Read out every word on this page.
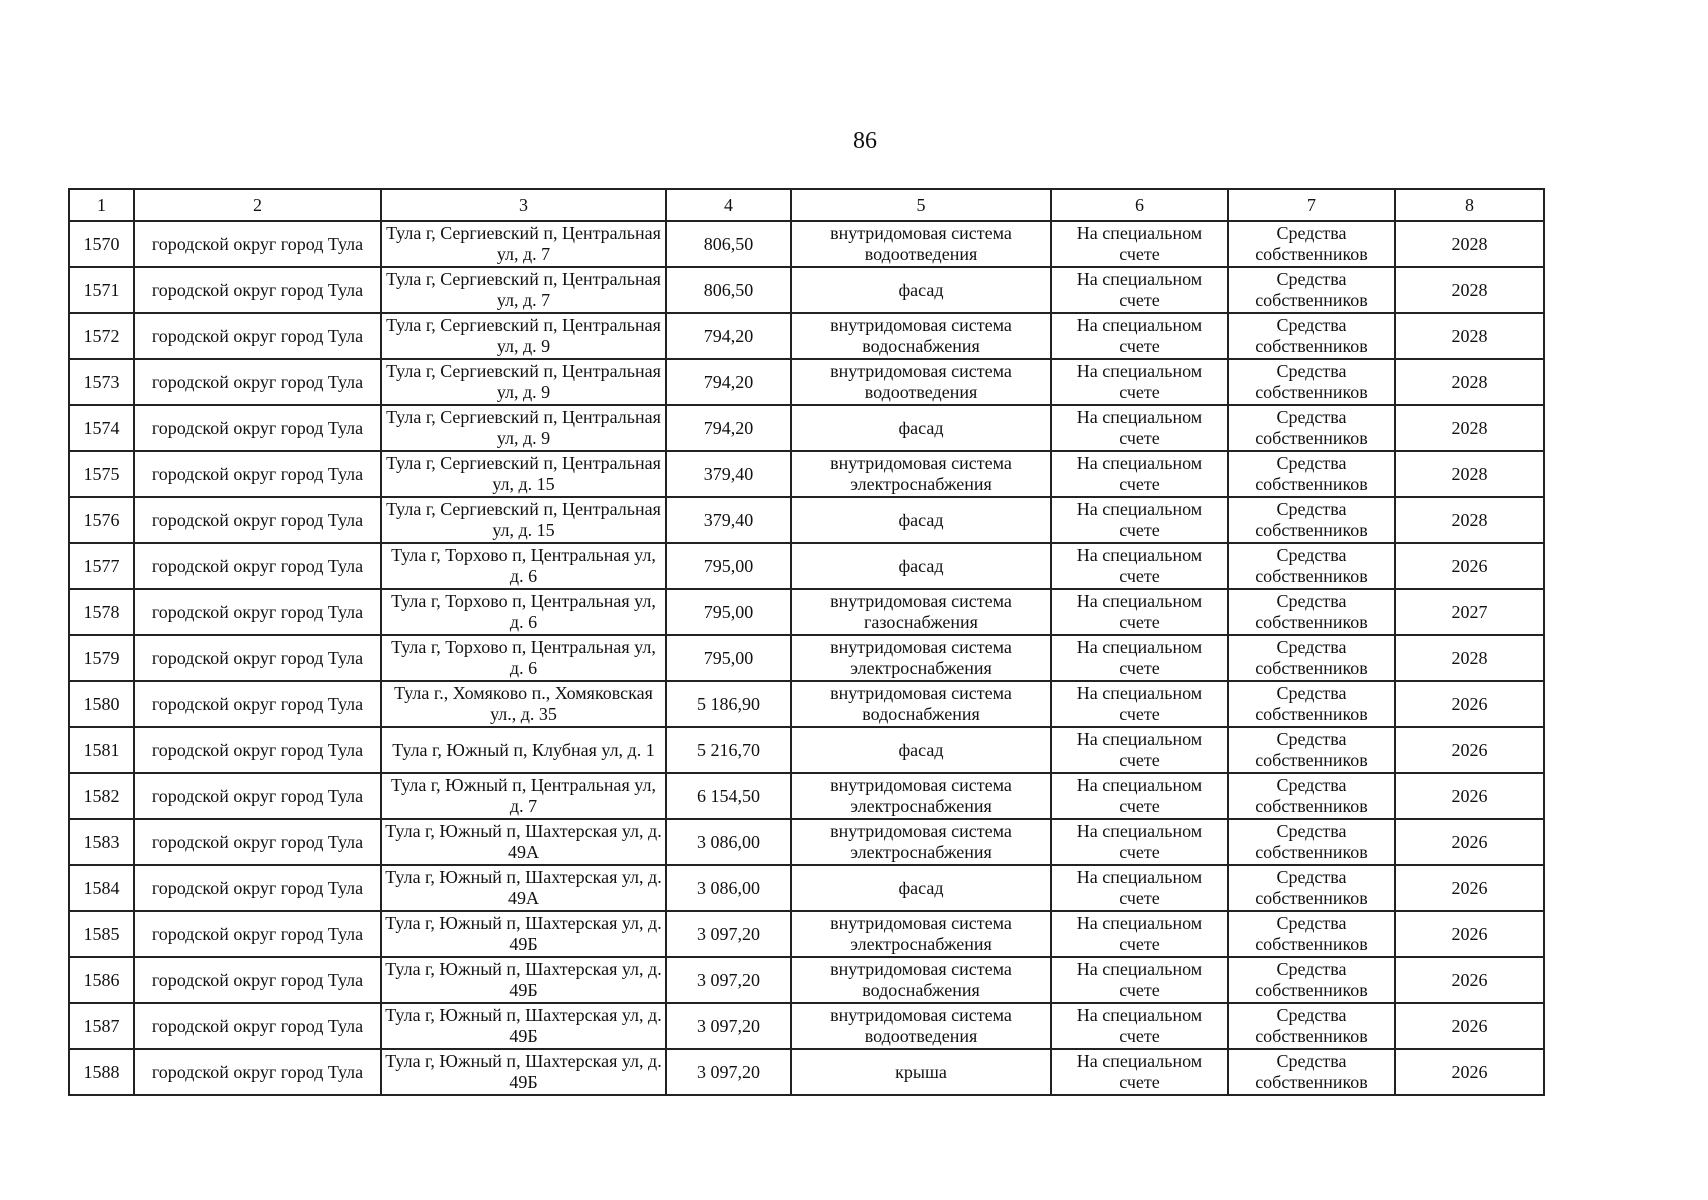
86
1	2	3	4	5	6	7	8
1570	городской округ город Тула	Тула г, Сергиевский п, Центральная ул, д. 7	806,50	внутридомовая система водоотведения	На специальном счете	Средства собственников	2028
1571	городской округ город Тула	Тула г, Сергиевский п, Центральная ул, д. 7	806,50	фасад	На специальном счете	Средства собственников	2028
1572	городской округ город Тула	Тула г, Сергиевский п, Центральная ул, д. 9	794,20	внутридомовая система водоснабжения	На специальном счете	Средства собственников	2028
1573	городской округ город Тула	Тула г, Сергиевский п, Центральная ул, д. 9	794,20	внутридомовая система водоотведения	На специальном счете	Средства собственников	2028
1574	городской округ город Тула	Тула г, Сергиевский п, Центральная ул, д. 9	794,20	фасад	На специальном счете	Средства собственников	2028
1575	городской округ город Тула	Тула г, Сергиевский п, Центральная ул, д. 15	379,40	внутридомовая система электроснабжения	На специальном счете	Средства собственников	2028
1576	городской округ город Тула	Тула г, Сергиевский п, Центральная ул, д. 15	379,40	фасад	На специальном счете	Средства собственников	2028
1577	городской округ город Тула	Тула г, Торхово п, Центральная ул, д. 6	795,00	фасад	На специальном счете	Средства собственников	2026
1578	городской округ город Тула	Тула г, Торхово п, Центральная ул, д. 6	795,00	внутридомовая система газоснабжения	На специальном счете	Средства собственников	2027
1579	городской округ город Тула	Тула г, Торхово п, Центральная ул, д. 6	795,00	внутридомовая система электроснабжения	На специальном счете	Средства собственников	2028
1580	городской округ город Тула	Тула г., Хомяково п., Хомяковская ул., д. 35	5 186,90	внутридомовая система водоснабжения	На специальном счете	Средства собственников	2026
1581	городской округ город Тула	Тула г, Южный п, Клубная ул, д. 1	5 216,70	фасад	На специальном счете	Средства собственников	2026
1582	городской округ город Тула	Тула г, Южный п, Центральная ул, д. 7	6 154,50	внутридомовая система электроснабжения	На специальном счете	Средства собственников	2026
1583	городской округ город Тула	Тула г, Южный п, Шахтерская ул, д. 49А	3 086,00	внутридомовая система электроснабжения	На специальном счете	Средства собственников	2026
1584	городской округ город Тула	Тула г, Южный п, Шахтерская ул, д. 49А	3 086,00	фасад	На специальном счете	Средства собственников	2026
1585	городской округ город Тула	Тула г, Южный п, Шахтерская ул, д. 49Б	3 097,20	внутридомовая система электроснабжения	На специальном счете	Средства собственников	2026
1586	городской округ город Тула	Тула г, Южный п, Шахтерская ул, д. 49Б	3 097,20	внутридомовая система водоснабжения	На специальном счете	Средства собственников	2026
1587	городской округ город Тула	Тула г, Южный п, Шахтерская ул, д. 49Б	3 097,20	внутридомовая система водоотведения	На специальном счете	Средства собственников	2026
1588	городской округ город Тула	Тула г, Южный п, Шахтерская ул, д. 49Б	3 097,20	крыша	На специальном счете	Средства собственников	2026
